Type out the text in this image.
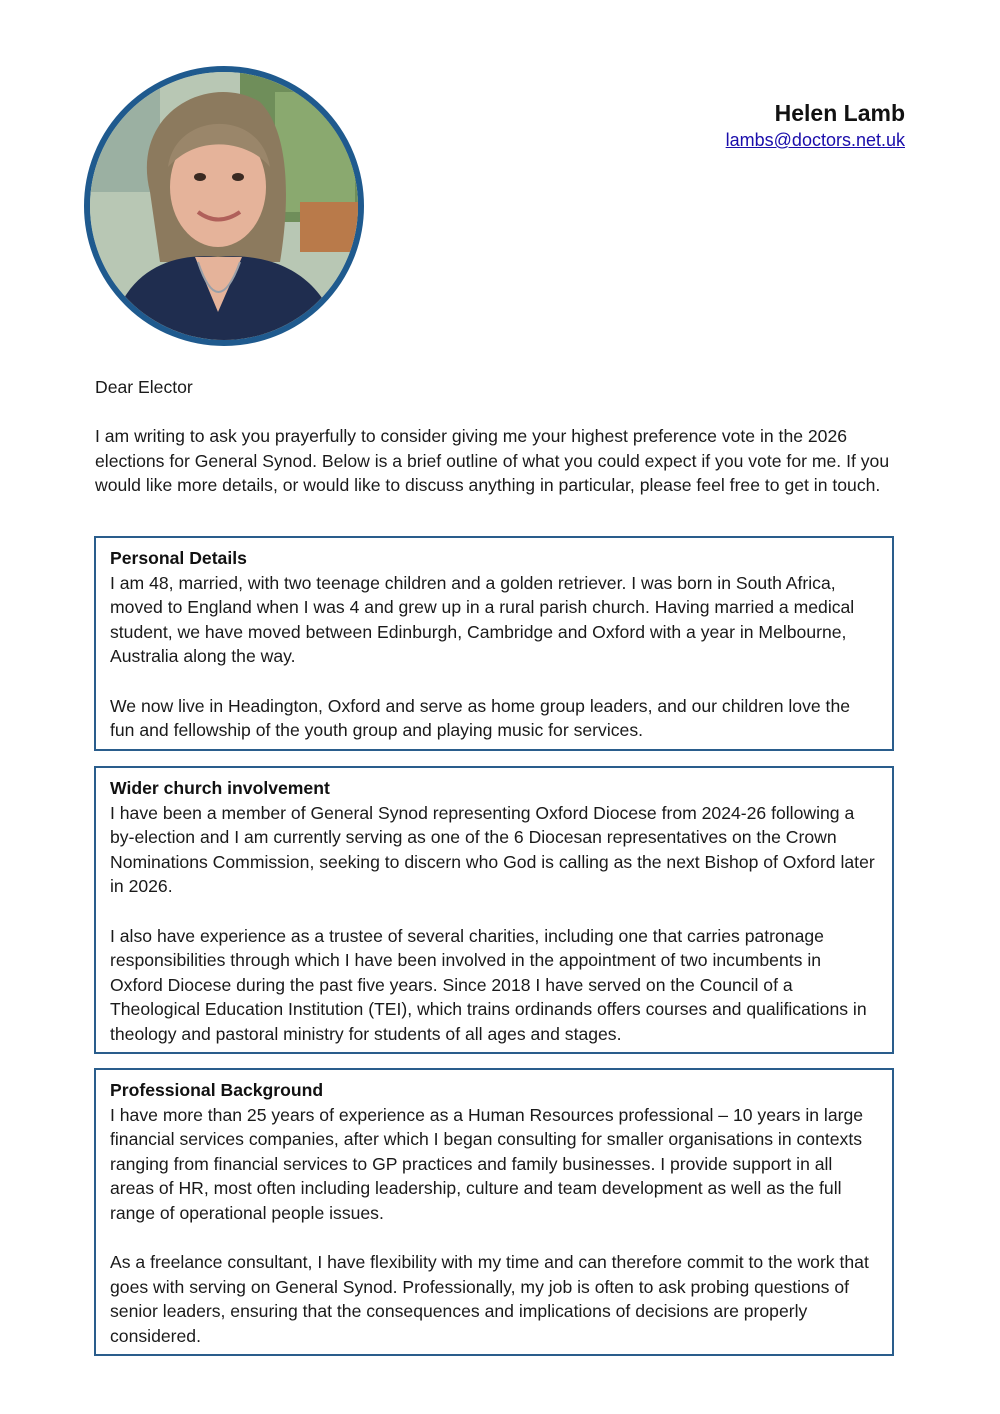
Helen Lamb
lambs@doctors.net.uk
Dear Elector

I am writing to ask you prayerfully to consider giving me your highest preference vote in the 2026 elections for General Synod. Below is a brief outline of what you could expect if you vote for me. If you would like more details, or would like to discuss anything in particular, please feel free to get in touch.

Personal Details

I am 48, married, with two teenage children and a golden retriever. I was born in South Africa, moved to England when I was 4 and grew up in a rural parish church. Having married a medical student, we have moved between Edinburgh, Cambridge and Oxford with a year in Melbourne, Australia along the way.

We now live in Headington, Oxford and serve as home group leaders, and our children love the fun and fellowship of the youth group and playing music for services.

Wider church involvement

I have been a member of General Synod representing Oxford Diocese from 2024-26 following a by-election and I am currently serving as one of the 6 Diocesan representatives on the Crown Nominations Commission, seeking to discern who God is calling as the next Bishop of Oxford later in 2026.

I also have experience as a trustee of several charities, including one that carries patronage responsibilities through which I have been involved in the appointment of two incumbents in Oxford Diocese during the past five years. Since 2018 I have served on the Council of a Theological Education Institution (TEI), which trains ordinands offers courses and qualifications in theology and pastoral ministry for students of all ages and stages.

Professional Background

I have more than 25 years of experience as a Human Resources professional – 10 years in large financial services companies, after which I began consulting for smaller organisations in contexts ranging from financial services to GP practices and family businesses. I provide support in all areas of HR, most often including leadership, culture and team development as well as the full range of operational people issues.

As a freelance consultant, I have flexibility with my time and can therefore commit to the work that goes with serving on General Synod. Professionally, my job is often to ask probing questions of senior leaders, ensuring that the consequences and implications of decisions are properly considered.
